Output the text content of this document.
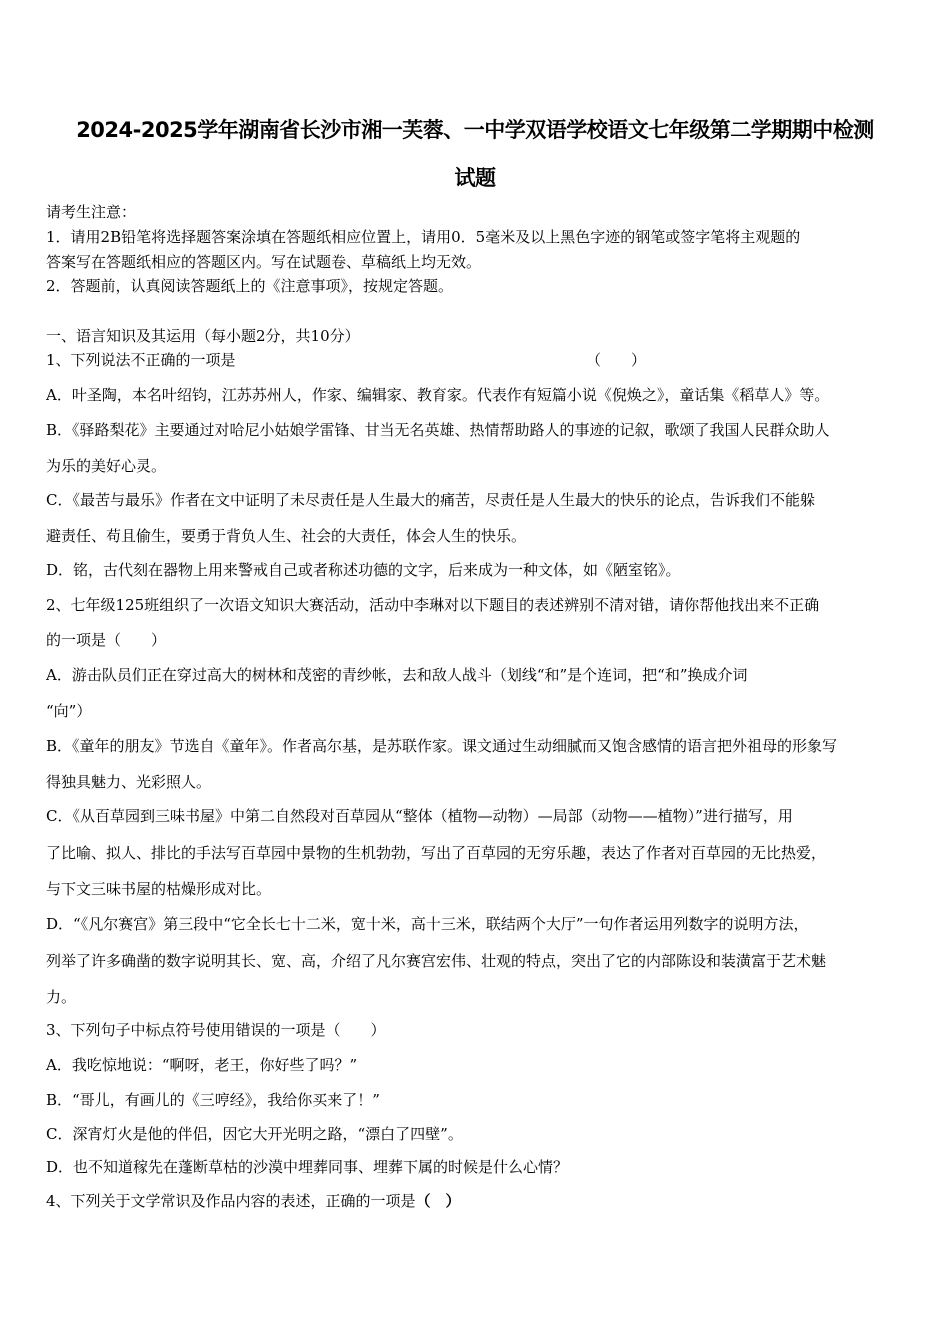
2024-2025学年湖南省长沙市湘一芙蓉、一中学双语学校语文七年级第二学期期中检测
试题
请考生注意：
1．请用2B铅笔将选择题答案涂填在答题纸相应位置上，请用0．5毫米及以上黑色字迹的钢笔或签字笔将主观题的
答案写在答题纸相应的答题区内。写在试题卷、草稿纸上均无效。
2．答题前，认真阅读答题纸上的《注意事项》，按规定答题。
一、语言知识及其运用（每小题2分，共10分）
1、下列说法不正确的一项是	（　　）
A．叶圣陶，本名叶绍钧，江苏苏州人，作家、编辑家、教育家。代表作有短篇小说《倪焕之》，童话集《稻草人》等。
B．《驿路梨花》主要通过对哈尼小姑娘学雷锋、甘当无名英雄、热情帮助路人的事迹的记叙，歌颂了我国人民群众助人
为乐的美好心灵。
C．《最苦与最乐》作者在文中证明了未尽责任是人生最大的痛苦，尽责任是人生最大的快乐的论点，告诉我们不能躲
避责任、苟且偷生，要勇于背负人生、社会的大责任，体会人生的快乐。
D．铭，古代刻在器物上用来警戒自己或者称述功德的文字，后来成为一种文体，如《陋室铭》。
2、七年级125班组织了一次语文知识大赛活动，活动中李琳对以下题目的表述辨别不清对错，请你帮他找出来不正确
的一项是（　　）
A．游击队员们正在穿过高大的树林和茂密的青纱帐，去和敌人战斗（划线“和”是个连词，把“和”换成介词
“向”）
B．《童年的朋友》节选自《童年》。作者高尔基，是苏联作家。课文通过生动细腻而又饱含感情的语言把外祖母的形象写
得独具魅力、光彩照人。
C．《从百草园到三味书屋》中第二自然段对百草园从“整体（植物—动物）—局部（动物——植物）”进行描写，用
了比喻、拟人、排比的手法写百草园中景物的生机勃勃，写出了百草园的无穷乐趣，表达了作者对百草园的无比热爱，
与下文三味书屋的枯燥形成对比。
D．“《凡尔赛宫》第三段中“它全长七十二米，宽十米，高十三米，联结两个大厅”一句作者运用列数字的说明方法，
列举了许多确凿的数字说明其长、宽、高，介绍了凡尔赛宫宏伟、壮观的特点，突出了它的内部陈设和装潢富于艺术魅
力。
3、下列句子中标点符号使用错误的一项是（　　）
A．我吃惊地说：“啊呀，老王，你好些了吗？”
B．“哥儿，有画儿的《三哼经》，我给你买来了！”
C．深宵灯火是他的伴侣，因它大开光明之路，“漂白了四壁”。
D．也不知道稼先在蓬断草枯的沙漠中埋葬同事、埋葬下属的时候是什么心情？
4、下列关于文学常识及作品内容的表述，正确的一项是（　）
